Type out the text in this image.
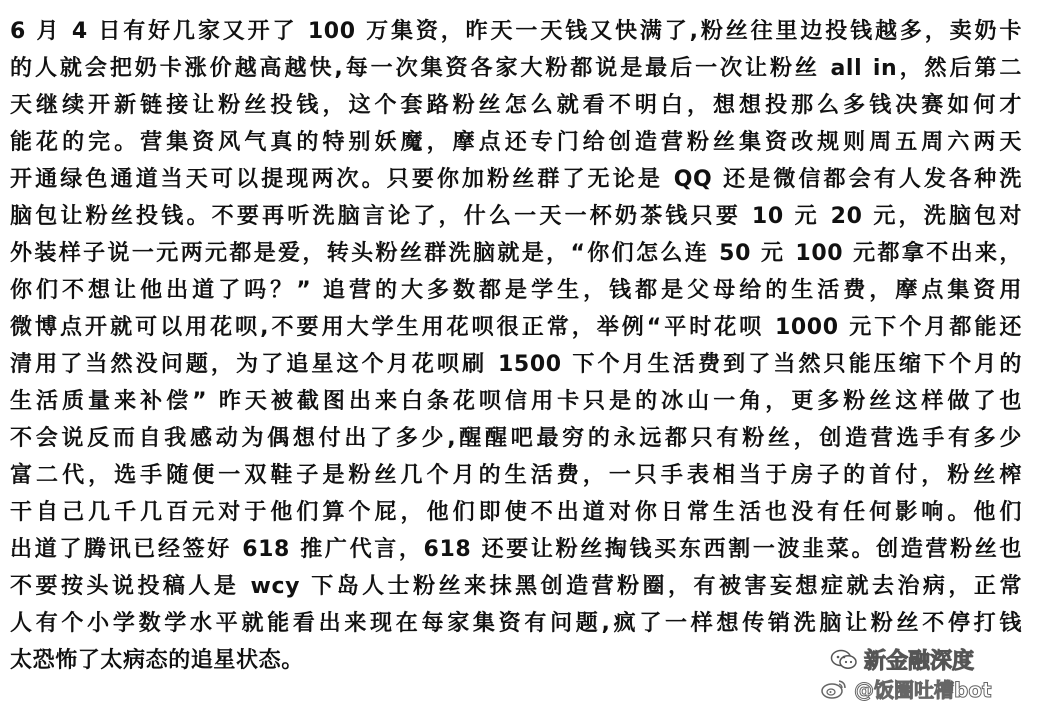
6 月 4 日有好几家又开了 100 万集资，昨天一天钱又快满了,粉丝往里边投钱越多，卖奶卡
的人就会把奶卡涨价越高越快,每一次集资各家大粉都说是最后一次让粉丝 all in，然后第二
天继续开新链接让粉丝投钱，这个套路粉丝怎么就看不明白，想想投那么多钱决赛如何才
能花的完。营集资风气真的特别妖魔，摩点还专门给创造营粉丝集资改规则周五周六两天
开通绿色通道当天可以提现两次。只要你加粉丝群了无论是 QQ 还是微信都会有人发各种洗
脑包让粉丝投钱。不要再听洗脑言论了，什么一天一杯奶茶钱只要 10 元 20 元，洗脑包对
外装样子说一元两元都是爱，转头粉丝群洗脑就是，“你们怎么连 50 元 100 元都拿不出来，
你们不想让他出道了吗？” 追营的大多数都是学生，钱都是父母给的生活费，摩点集资用
微博点开就可以用花呗,不要用大学生用花呗很正常，举例“平时花呗 1000 元下个月都能还
清用了当然没问题，为了追星这个月花呗刷 1500 下个月生活费到了当然只能压缩下个月的
生活质量来补偿” 昨天被截图出来白条花呗信用卡只是的冰山一角，更多粉丝这样做了也
不会说反而自我感动为偶想付出了多少,醒醒吧最穷的永远都只有粉丝，创造营选手有多少
富二代，选手随便一双鞋子是粉丝几个月的生活费，一只手表相当于房子的首付，粉丝榨
干自己几千几百元对于他们算个屁，他们即使不出道对你日常生活也没有任何影响。他们
出道了腾讯已经签好 618 推广代言，618 还要让粉丝掏钱买东西割一波韭菜。创造营粉丝也
不要按头说投稿人是 wcy 下岛人士粉丝来抹黑创造营粉圈，有被害妄想症就去治病，正常
人有个小学数学水平就能看出来现在每家集资有问题,疯了一样想传销洗脑让粉丝不停打钱
太恐怖了太病态的追星状态。	新金融深度
@饭圈吐槽bot
